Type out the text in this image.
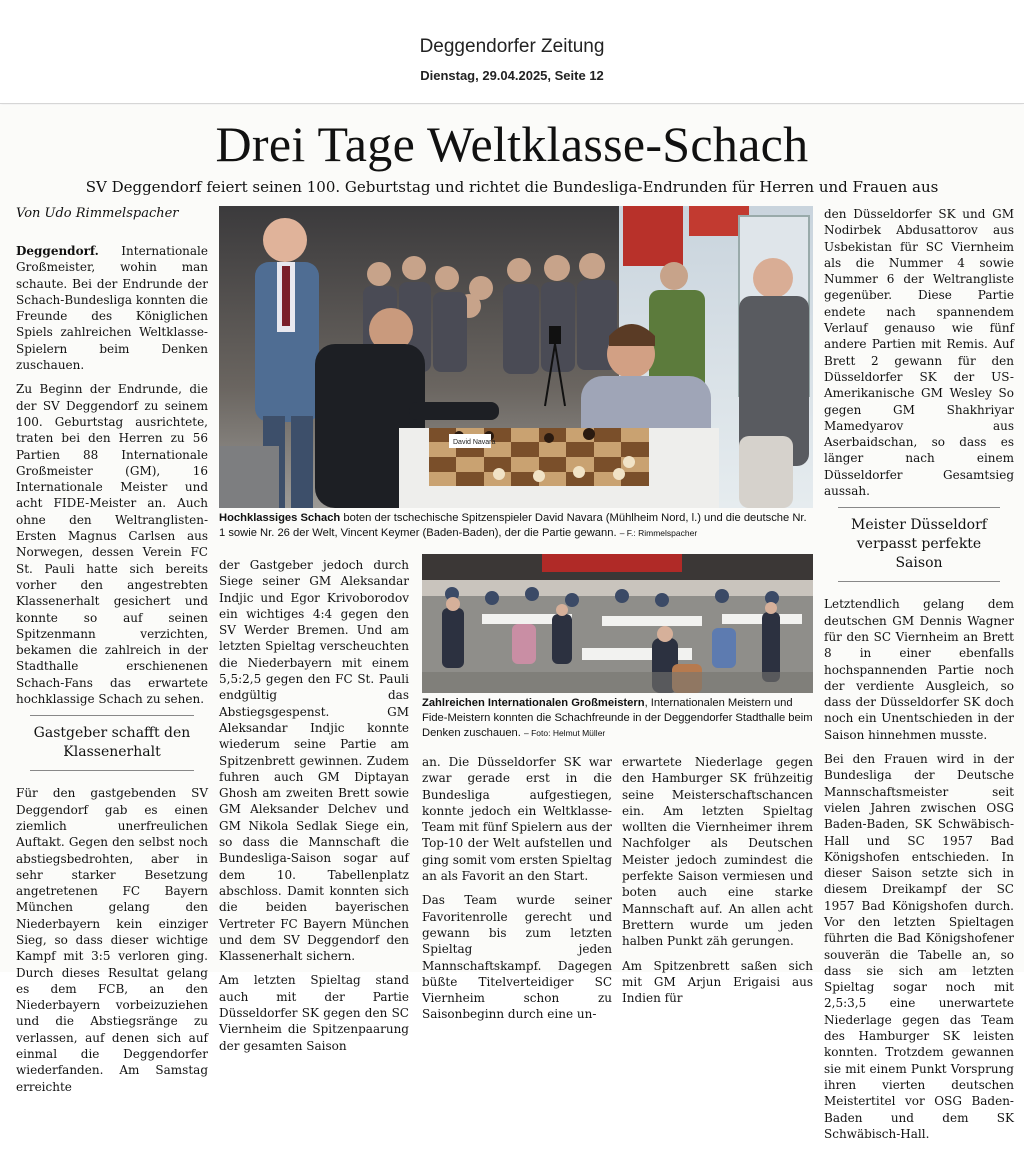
Deggendorfer Zeitung
Dienstag, 29.04.2025, Seite 12
Drei Tage Weltklasse-Schach
SV Deggendorf feiert seinen 100. Geburtstag und richtet die Bundesliga-Endrunden für Herren und Frauen aus
Von Udo Rimmelspacher

Deggendorf. Internationale Großmeister, wohin man schaute. Bei der Endrunde der Schach-Bundesliga konnten die Freunde des Königlichen Spiels zahlreichen Weltklasse-Spielern beim Denken zuschauen.

Zu Beginn der Endrunde, die der SV Deggendorf zu seinem 100. Geburtstag ausrichtete, traten bei den Herren zu 56 Partien 88 Internationale Großmeister (GM), 16 Internationale Meister und acht FIDE-Meister an. Auch ohne den Weltranglisten-Ersten Magnus Carlsen aus Norwegen, dessen Verein FC St. Pauli hatte sich bereits vorher den angestrebten Klassenerhalt gesichert und konnte so auf seinen Spitzenmann verzichten, bekamen die zahlreich in der Stadthalle erschienenen Schach-Fans das erwartete hochklassige Schach zu sehen.

Gastgeber schafft den Klassenerhalt

Für den gastgebenden SV Deggendorf gab es einen ziemlich unerfreulichen Auftakt. Gegen den selbst noch abstiegsbedrohten, aber in sehr starker Besetzung angetretenen FC Bayern München gelang den Niederbayern kein einziger Sieg, so dass dieser wichtige Kampf mit 3:5 verloren ging. Durch dieses Resultat gelang es dem FCB, an den Niederbayern vorbeizuziehen und die Abstiegsränge zu verlassen, auf denen sich auf einmal die Deggendorfer wiederfanden. Am Samstag erreichte

David Navara
Hochklassiges Schach boten der tschechische Spitzenspieler David Navara (Mühlheim Nord, l.) und die deutsche Nr. 1 sowie Nr. 26 der Welt, Vincent Keymer (Baden-Baden), der die Partie gewann. – F.: Rimmelspacher

der Gastgeber jedoch durch Siege seiner GM Aleksandar Indjic und Egor Krivoborodov ein wichtiges 4:4 gegen den SV Werder Bremen. Und am letzten Spieltag verscheuchten die Niederbayern mit einem 5,5:2,5 gegen den FC St. Pauli endgültig das Abstiegsgespenst. GM Aleksandar Indjic konnte wiederum seine Partie am Spitzenbrett gewinnen. Zudem fuhren auch GM Diptayan Ghosh am zweiten Brett sowie GM Aleksander Delchev und GM Nikola Sedlak Siege ein, so dass die Mannschaft die Bundesliga-Saison sogar auf dem 10. Tabellenplatz abschloss. Damit konnten sich die beiden bayerischen Vertreter FC Bayern München und dem SV Deggendorf den Klassenerhalt sichern.

Am letzten Spieltag stand auch mit der Partie Düsseldorfer SK gegen den SC Viernheim die Spitzenpaarung der gesamten Saison

Zahlreichen Internationalen Großmeistern, Internationalen Meistern und Fide-Meistern konnten die Schachfreunde in der Deggendorfer Stadthalle beim Denken zuschauen. – Foto: Helmut Müller

an. Die Düsseldorfer SK war zwar gerade erst in die Bundesliga aufgestiegen, konnte jedoch ein Weltklasse-Team mit fünf Spielern aus der Top-10 der Welt aufstellen und ging somit vom ersten Spieltag an als Favorit an den Start.

Das Team wurde seiner Favoritenrolle gerecht und gewann bis zum letzten Spieltag jeden Mannschaftskampf. Dagegen büßte Titelverteidiger SC Viernheim schon zu Saisonbeginn durch eine un-

erwartete Niederlage gegen den Hamburger SK frühzeitig seine Meisterschaftschancen ein. Am letzten Spieltag wollten die Viernheimer ihrem Nachfolger als Deutschen Meister jedoch zumindest die perfekte Saison vermiesen und boten auch eine starke Mannschaft auf. An allen acht Brettern wurde um jeden halben Punkt zäh gerungen.

Am Spitzenbrett saßen sich mit GM Arjun Erigaisi aus Indien für

den Düsseldorfer SK und GM Nodirbek Abdusattorov aus Usbekistan für SC Viernheim als die Nummer 4 sowie Nummer 6 der Weltrangliste gegenüber. Diese Partie endete nach spannendem Verlauf genauso wie fünf andere Partien mit Remis. Auf Brett 2 gewann für den Düsseldorfer SK der US-Amerikanische GM Wesley So gegen GM Shakhriyar Mamedyarov aus Aserbaidschan, so dass es länger nach einem Düsseldorfer Gesamtsieg aussah.

Meister Düsseldorf verpasst perfekte Saison

Letztendlich gelang dem deutschen GM Dennis Wagner für den SC Viernheim an Brett 8 in einer ebenfalls hochspannenden Partie noch der verdiente Ausgleich, so dass der Düsseldorfer SK doch noch ein Unentschieden in der Saison hinnehmen musste.

Bei den Frauen wird in der Bundesliga der Deutsche Mannschaftsmeister seit vielen Jahren zwischen OSG Baden-Baden, SK Schwäbisch-Hall und SC 1957 Bad Königshofen entschieden. In dieser Saison setzte sich in diesem Dreikampf der SC 1957 Bad Königshofen durch. Vor den letzten Spieltagen führten die Bad Königshofener souverän die Tabelle an, so dass sie sich am letzten Spieltag sogar noch mit 2,5:3,5 eine unerwartete Niederlage gegen das Team des Hamburger SK leisten konnten. Trotzdem gewannen sie mit einem Punkt Vorsprung ihren vierten deutschen Meistertitel vor OSG Baden-Baden und dem SK Schwäbisch-Hall.
